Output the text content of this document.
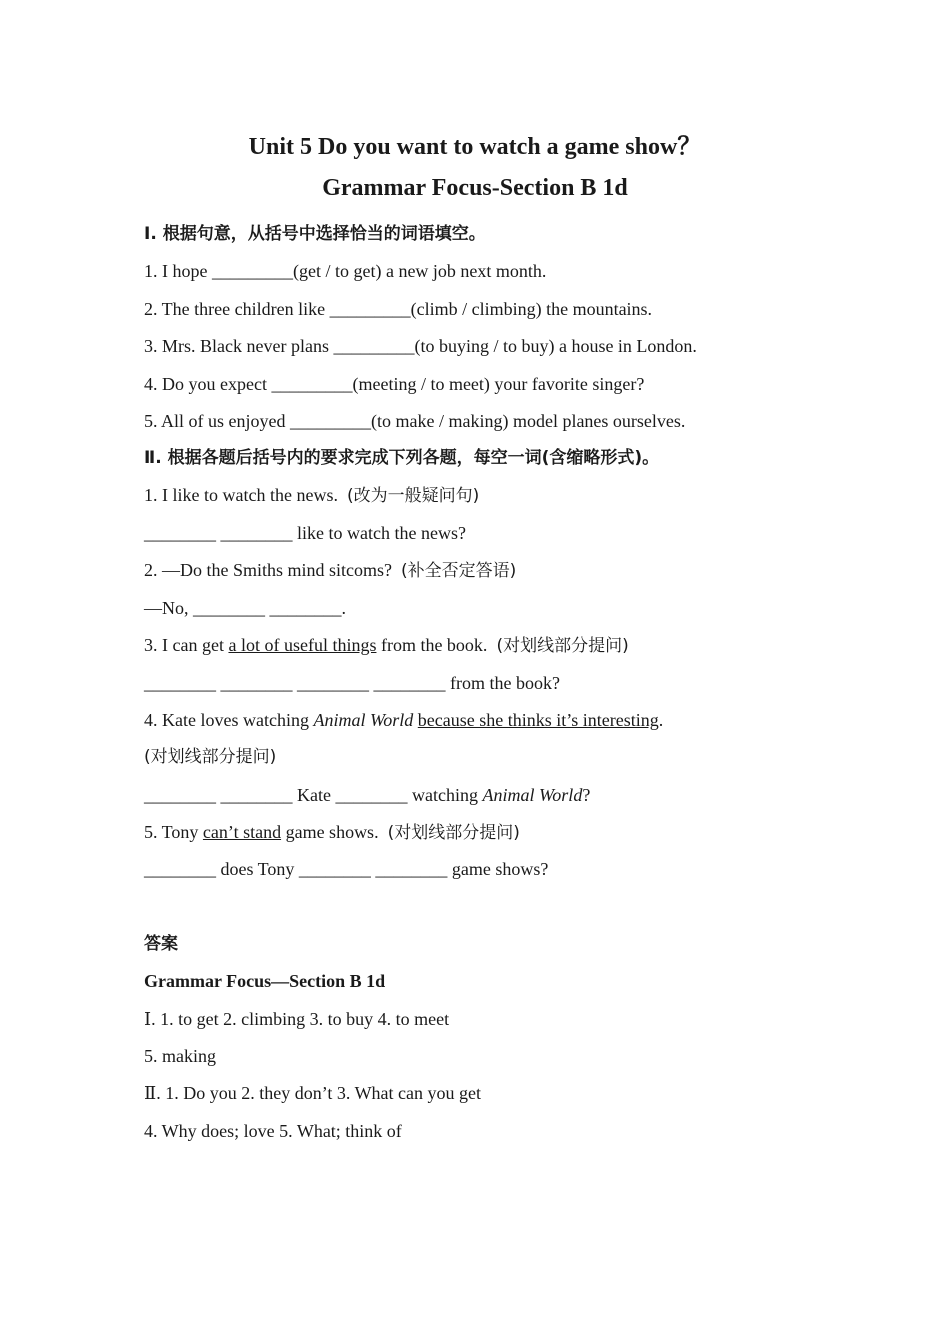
Unit 5 Do you want to watch a game show？
Grammar Focus-Section B 1d

Ⅰ. 根据句意，从括号中选择恰当的词语填空。

1. I hope _________(get / to get) a new job next month.

2. The three children like _________(climb / climbing) the mountains.

3. Mrs. Black never plans _________(to buying / to buy) a house in London.

4. Do you expect _________(meeting / to meet) your favorite singer?

5. All of us enjoyed _________(to make / making) model planes ourselves.

Ⅱ. 根据各题后括号内的要求完成下列各题，每空一词(含缩略形式)。

1. I like to watch the news. (改为一般疑问句)

________ ________ like to watch the news?

2. —Do the Smiths mind sitcoms? (补全否定答语)

—No, ________ ________.

3. I can get a lot of useful things from the book. (对划线部分提问)

________ ________ ________ ________ from the book?

4. Kate loves watching Animal World because she thinks it’s interesting.

(对划线部分提问)

________ ________ Kate ________ watching Animal World?

5. Tony can’t stand game shows. (对划线部分提问)

________ does Tony ________ ________ game shows?

答案

Grammar Focus—Section B 1d

Ⅰ. 1. to get 2. climbing 3. to buy 4. to meet

5. making

Ⅱ. 1. Do you 2. they don’t 3. What can you get

4. Why does; love 5. What; think of
